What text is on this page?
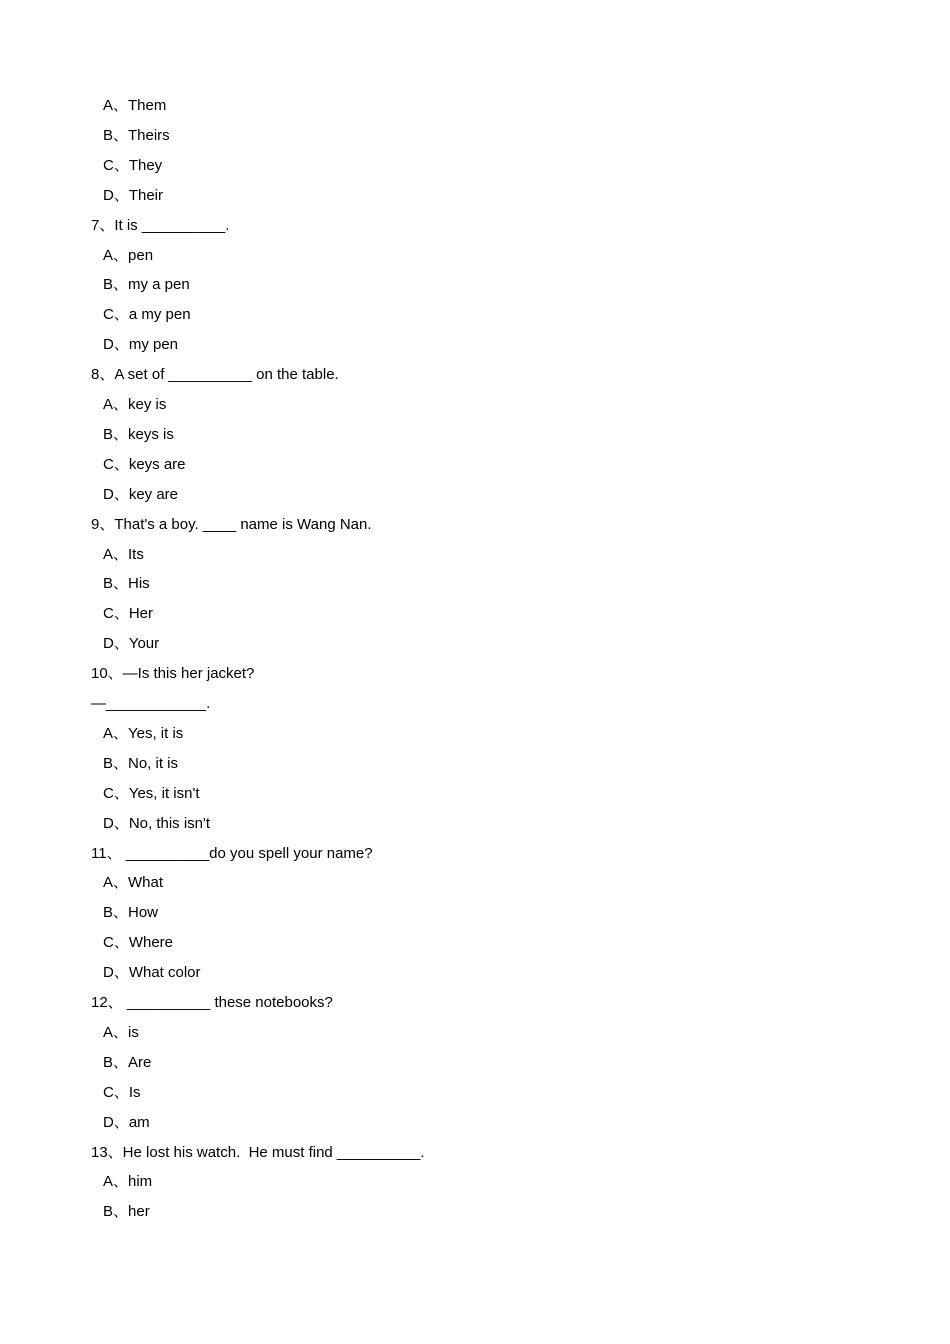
A、Them
B、Theirs
C、They
D、Their
7、It is __________.
A、pen
B、my a pen
C、a my pen
D、my pen
8、A set of __________ on the table.
A、key is
B、keys is
C、keys are
D、key are
9、That's a boy. ____ name is Wang Nan.
A、Its
B、His
C、Her
D、Your
10、—Is this her jacket?
—____________.
A、Yes, it is
B、No, it is
C、Yes, it isn't
D、No, this isn't
11、 __________do you spell your name?
A、What
B、How
C、Where
D、What color
12、 __________ these notebooks?
A、is
B、Are
C、Is
D、am
13、He lost his watch.  He must find __________.
A、him
B、her
